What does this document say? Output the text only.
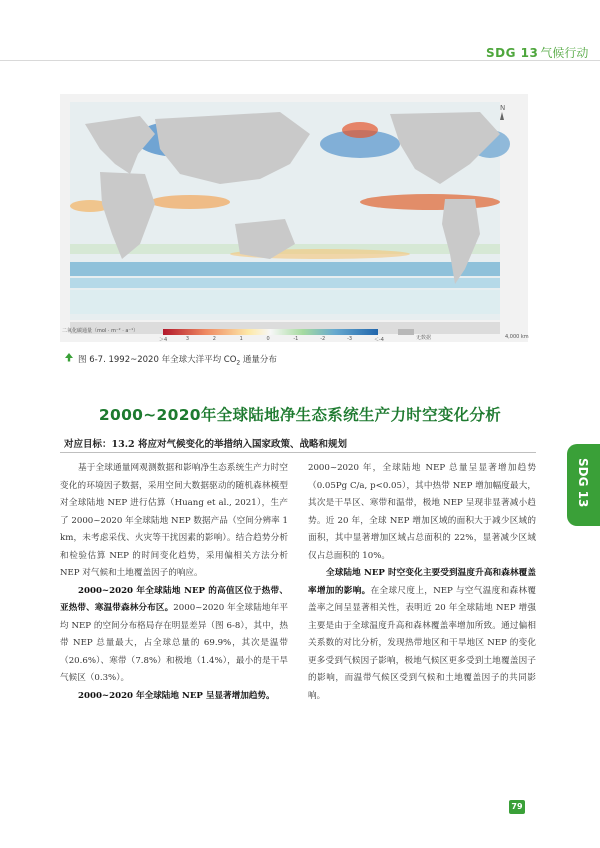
SDG 13 气候行动
SDG 13
N
二氧化碳通量（mol · m⁻² · a⁻¹）
＞4	3	2	1	0	-1	-2	-3	＜-4	无数据	4,000 km
图 6-7. 1992~2020 年全球大洋平均 $CO_2$ 通量分布
2000~2020年全球陆地净生态系统生产力时空变化分析
对应目标：13.2 将应对气候变化的举措纳入国家政策、战略和规划

基于全球通量网观测数据和影响净生态系统生产力时空变化的环境因子数据，采用空间大数据驱动的随机森林模型对全球陆地 NEP 进行估算（Huang et al., 2021），生产了 2000~2020 年全球陆地 NEP 数据产品（空间分辨率 1 km，未考虑采伐、火灾等干扰因素的影响）。结合趋势分析和检验估算 NEP 的时间变化趋势，采用偏相关方法分析 NEP 对气候和土地覆盖因子的响应。

2000~2020 年全球陆地 NEP 的高值区位于热带、亚热带、寒温带森林分布区。2000~2020 年全球陆地年平均 NEP 的空间分布格局存在明显差异（图 6-8），其中，热带 NEP 总量最大，占全球总量的 69.9%，其次是温带（20.6%）、寒带（7.8%）和极地（1.4%），最小的是干旱气候区（0.3%）。

2000~2020 年全球陆地 NEP 呈显著增加趋势。

2000~2020 年，全球陆地 NEP 总量呈显著增加趋势（0.05Pg C/a, p<0.05），其中热带 NEP 增加幅度最大，其次是干旱区、寒带和温带，极地 NEP 呈现非显著减小趋势。近 20 年，全球 NEP 增加区域的面积大于减少区域的面积，其中显著增加区域占总面积的 22%，显著减少区域仅占总面积的 10%。

全球陆地 NEP 时空变化主要受到温度升高和森林覆盖率增加的影响。在全球尺度上，NEP 与空气温度和森林覆盖率之间呈显著相关性，表明近 20 年全球陆地 NEP 增强主要是由于全球温度升高和森林覆盖率增加所致。通过偏相关系数的对比分析，发现热带地区和干旱地区 NEP 的变化更多受到气候因子影响，极地气候区更多受到土地覆盖因子的影响，而温带气候区受到气候和土地覆盖因子的共同影响。

79
